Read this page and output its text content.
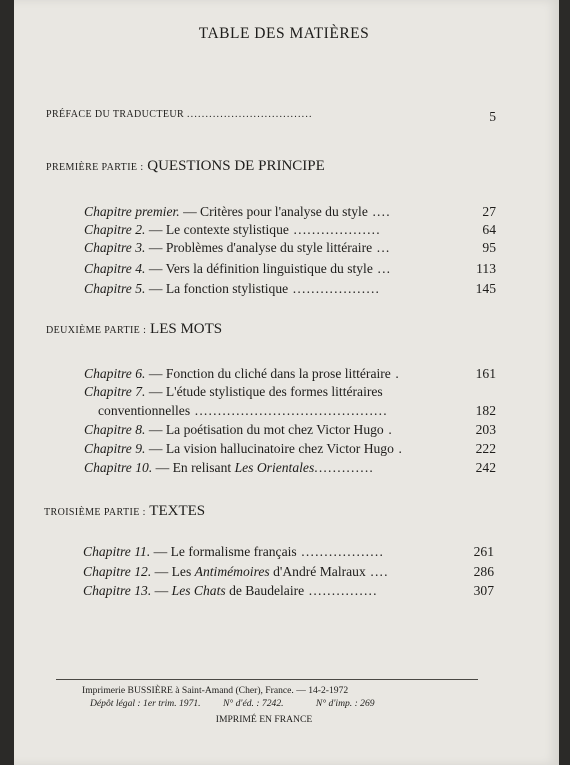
TABLE DES MATIÈRES
PRÉFACE DU TRADUCTEUR ..................................	5
PREMIÈRE PARTIE : QUESTIONS DE PRINCIPE
Chapitre premier. — Critères pour l'analyse du style ....	27
Chapitre 2. — Le contexte stylistique ...................	64
Chapitre 3. — Problèmes d'analyse du style littéraire ...	95
Chapitre 4. — Vers la définition linguistique du style ...	113
Chapitre 5. — La fonction stylistique ...................	145
DEUXIÈME PARTIE : LES MOTS
Chapitre 6. — Fonction du cliché dans la prose littéraire .	161
Chapitre 7. — L'étude stylistique des formes littéraires
conventionnelles ..........................................	182
Chapitre 8. — La poétisation du mot chez Victor Hugo .	203
Chapitre 9. — La vision hallucinatoire chez Victor Hugo .	222
Chapitre 10. — En relisant Les Orientales.............	242
TROISIÈME PARTIE : TEXTES
Chapitre 11. — Le formalisme français ..................	261
Chapitre 12. — Les Antimémoires d'André Malraux ....	286
Chapitre 13. — Les Chats de Baudelaire ...............	307
Imprimerie BUSSIÈRE à Saint-Amand (Cher), France. — 14-2-1972
Dépôt légal : 1er trim. 1971. N° d'éd. : 7242.	N° d'imp. : 269
IMPRIMÉ EN FRANCE
